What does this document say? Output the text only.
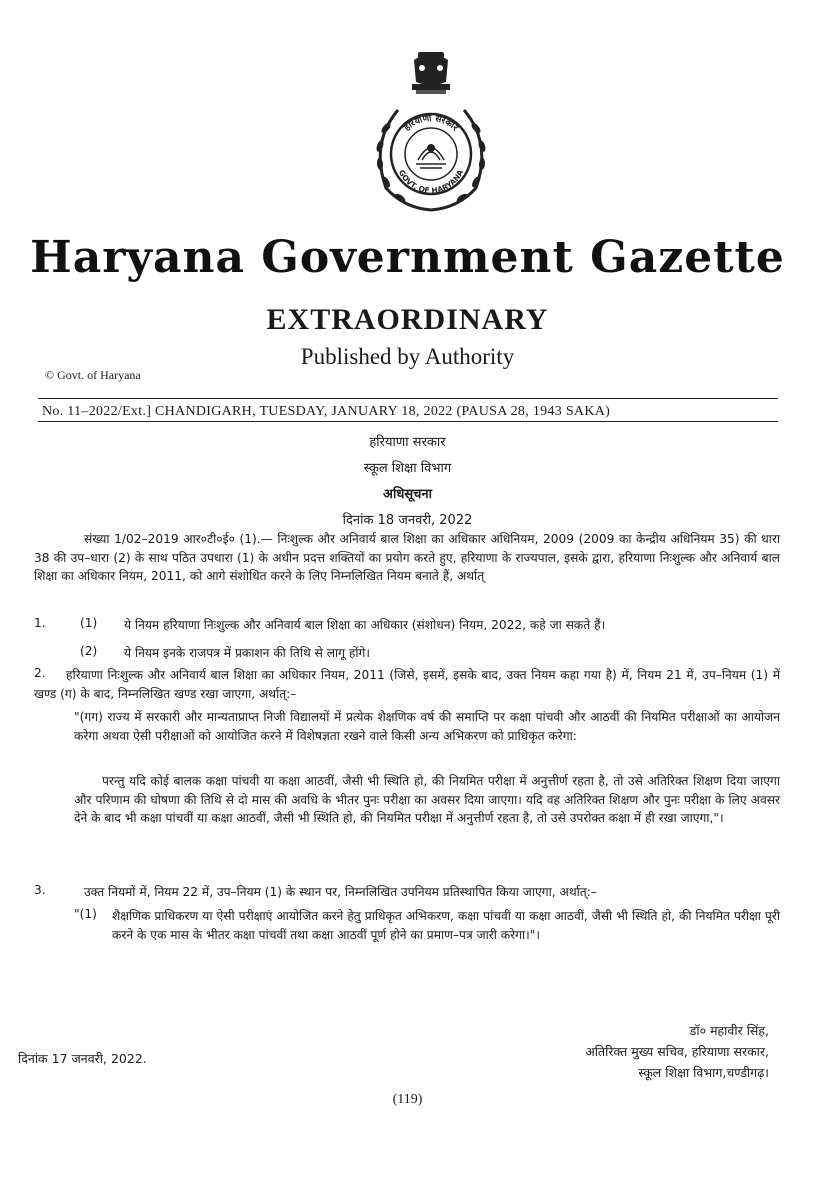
हरियाणा सरकार
GOVT. OF HARYANA
Haryana Government Gazette
EXTRAORDINARY
Published by Authority
© Govt. of Haryana
No. 11–2022/Ext.] CHANDIGARH, TUESDAY, JANUARY 18, 2022 (PAUSA 28, 1943 SAKA)
हरियाणा सरकार
स्कूल शिक्षा विभाग
अधिसूचना
दिनांक 18 जनवरी, 2022
संख्या 1/02–2019 आर०टी०ई० (1).— निःशुल्क और अनिवार्य बाल शिक्षा का अधिकार अधिनियम, 2009 (2009 का केन्द्रीय अधिनियम 35) की धारा 38 की उप–धारा (2) के साथ पठित उपधारा (1) के अधीन प्रदत्त शक्तियों का प्रयोग करते हुए, हरियाणा के राज्यपाल, इसके द्वारा, हरियाणा निःशुल्क और अनिवार्य बाल शिक्षा का अधिकार नियम, 2011, को आगे संशोधित करने के लिए निम्नलिखित नियम बनाते हैं, अर्थात्
1.	(1) ये नियम हरियाणा निःशुल्क और अनिवार्य बाल शिक्षा का अधिकार (संशोधन) नियम, 2022, कहे जा सकते हैं।
(2) ये नियम इनके राजपत्र में प्रकाशन की तिथि से लागू होंगे।
2.	हरियाणा निःशुल्क और अनिवार्य बाल शिक्षा का अधिकार नियम, 2011 (जिसे, इसमें, इसके बाद, उक्त नियम कहा गया है) में, नियम 21 में, उप–नियम (1) में खण्ड (ग) के बाद, निम्नलिखित खण्ड रखा जाएगा, अर्थात्:–
"(गग) राज्य में सरकारी और मान्यताप्राप्त निजी विद्यालयों में प्रत्येक शैक्षणिक वर्ष की समाप्ति पर कक्षा पांचवी और आठवीं की नियमित परीक्षाओं का आयोजन करेगा अथवा ऐसी परीक्षाओं को आयोजित करने में विशेषज्ञता रखने वाले किसी अन्य अभिकरण को प्राधिकृत करेगा:
परन्तु यदि कोई बालक कक्षा पांचवी या कक्षा आठवीं, जैसी भी स्थिति हो, की नियमित परीक्षा में अनुत्तीर्ण रहता है, तो उसे अतिरिक्त शिक्षण दिया जाएगा और परिणाम की घोषणा की तिथि से दो मास की अवधि के भीतर पुनः परीक्षा का अवसर दिया जाएगा। यदि वह अतिरिक्त शिक्षण और पुनः परीक्षा के लिए अवसर देने के बाद भी कक्षा पांचवीं या कक्षा आठवीं, जैसी भी स्थिति हो, की नियमित परीक्षा में अनुत्तीर्ण रहता है, तो उसे उपरोक्त कक्षा में ही रखा जाएगा,"।
3.	उक्त नियमों में, नियम 22 में, उप–नियम (1) के स्थान पर, निम्नलिखित उपनियम प्रतिस्थापित किया जाएगा, अर्थात्:–
"(1) शैक्षणिक प्राधिकरण या ऐसी परीक्षाएं आयोजित करने हेतु प्राधिकृत अभिकरण, कक्षा पांचवी या कक्षा आठवीं, जैसी भी स्थिति हो, की नियमित परीक्षा पूरी करने के एक मास के भीतर कक्षा पांचवीं तथा कक्षा आठवीं पूर्ण होने का प्रमाण–पत्र जारी करेगा।"।
डॉ० महावीर सिंह,
अतिरिक्त मुख्य सचिव, हरियाणा सरकार,
स्कूल शिक्षा विभाग,चण्डीगढ़।
दिनांक 17 जनवरी, 2022.
(119)
